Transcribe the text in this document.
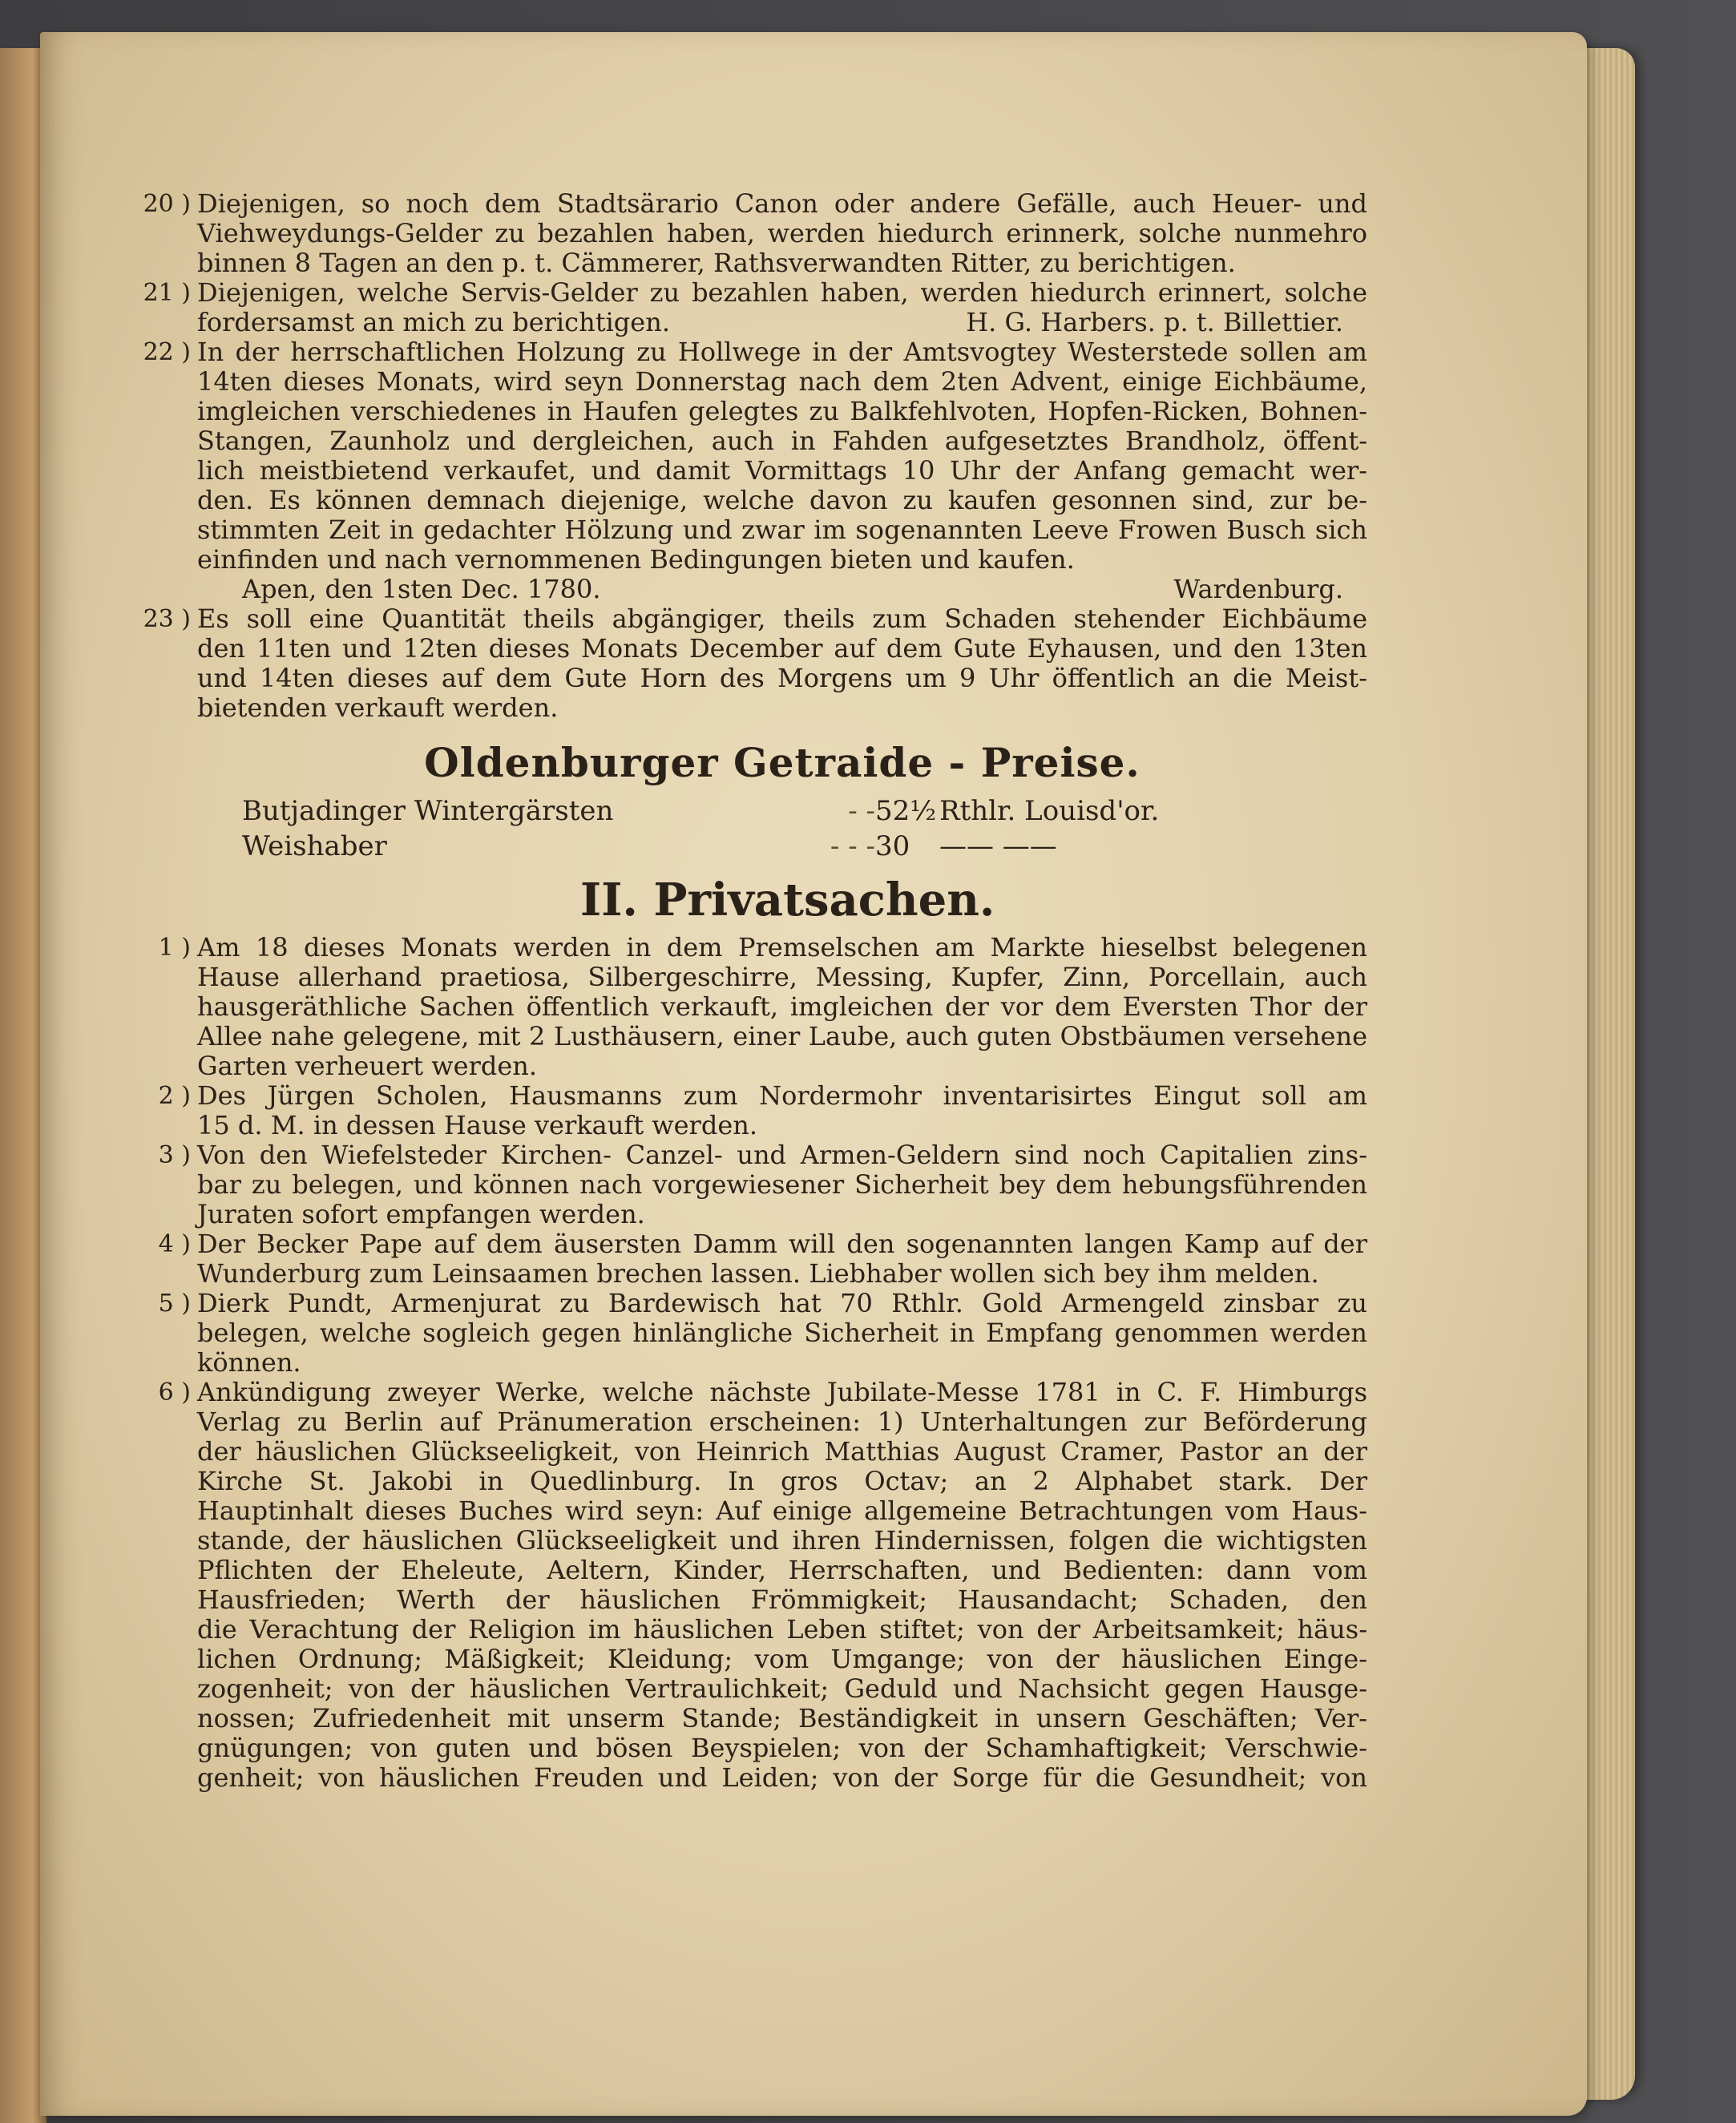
20 ) Diejenigen, so noch dem Stadtsärario Canon oder andere Gefälle, auch Heuer- und
Viehweydungs-Gelder zu bezahlen haben, werden hiedurch erinnerk, solche nunmehro
binnen 8 Tagen an den p. t. Cämmerer, Rathsverwandten Ritter, zu berichtigen.
21 ) Diejenigen, welche Servis-Gelder zu bezahlen haben, werden hiedurch erinnert, solche
fordersamst an mich zu berichtigen.	H. G. Harbers. p. t. Billettier.
22 ) In der herrschaftlichen Holzung zu Hollwege in der Amtsvogtey Westerstede sollen am
14ten dieses Monats, wird seyn Donnerstag nach dem 2ten Advent, einige Eichbäume,
imgleichen verschiedenes in Haufen gelegtes zu Balkfehlvoten, Hopfen-Ricken, Bohnen-
Stangen, Zaunholz und dergleichen, auch in Fahden aufgesetztes Brandholz, öffent-
lich meistbietend verkaufet, und damit Vormittags 10 Uhr der Anfang gemacht wer-
den. Es können demnach diejenige, welche davon zu kaufen gesonnen sind, zur be-
stimmten Zeit in gedachter Hölzung und zwar im sogenannten Leeve Frowen Busch sich
einfinden und nach vernommenen Bedingungen bieten und kaufen.
Apen, den 1sten Dec. 1780.	Wardenburg.
23 ) Es soll eine Quantität theils abgängiger, theils zum Schaden stehender Eichbäume
den 11ten und 12ten dieses Monats December auf dem Gute Eyhausen, und den 13ten
und 14ten dieses auf dem Gute Horn des Morgens um 9 Uhr öffentlich an die Meist-
bietenden verkauft werden.
Oldenburger Getraide - Preise.
Butjadinger Wintergärsten	- - 52½ Rthlr. Louisd'or.
Weishaber	- - - 30	—— ——
II. Privatsachen.
1 ) Am 18 dieses Monats werden in dem Premselschen am Markte hieselbst belegenen
Hause allerhand praetiosa, Silbergeschirre, Messing, Kupfer, Zinn, Porcellain, auch
hausgeräthliche Sachen öffentlich verkauft, imgleichen der vor dem Eversten Thor der
Allee nahe gelegene, mit 2 Lusthäusern, einer Laube, auch guten Obstbäumen versehene
Garten verheuert werden.
2 ) Des Jürgen Scholen, Hausmanns zum Nordermohr inventarisirtes Eingut soll am
15 d. M. in dessen Hause verkauft werden.
3 ) Von den Wiefelsteder Kirchen- Canzel- und Armen-Geldern sind noch Capitalien zins-
bar zu belegen, und können nach vorgewiesener Sicherheit bey dem hebungsführenden
Juraten sofort empfangen werden.
4 ) Der Becker Pape auf dem äusersten Damm will den sogenannten langen Kamp auf der
Wunderburg zum Leinsaamen brechen lassen. Liebhaber wollen sich bey ihm melden.
5 ) Dierk Pundt, Armenjurat zu Bardewisch hat 70 Rthlr. Gold Armengeld zinsbar zu
belegen, welche sogleich gegen hinlängliche Sicherheit in Empfang genommen werden
können.
6 ) Ankündigung zweyer Werke, welche nächste Jubilate-Messe 1781 in C. F. Himburgs
Verlag zu Berlin auf Pränumeration erscheinen: 1) Unterhaltungen zur Beförderung
der häuslichen Glückseeligkeit, von Heinrich Matthias August Cramer, Pastor an der
Kirche St. Jakobi in Quedlinburg. In gros Octav; an 2 Alphabet stark. Der
Hauptinhalt dieses Buches wird seyn: Auf einige allgemeine Betrachtungen vom Haus-
stande, der häuslichen Glückseeligkeit und ihren Hindernissen, folgen die wichtigsten
Pflichten der Eheleute, Aeltern, Kinder, Herrschaften, und Bedienten: dann vom
Hausfrieden; Werth der häuslichen Frömmigkeit; Hausandacht; Schaden, den
die Verachtung der Religion im häuslichen Leben stiftet; von der Arbeitsamkeit; häus-
lichen Ordnung; Mäßigkeit; Kleidung; vom Umgange; von der häuslichen Einge-
zogenheit; von der häuslichen Vertraulichkeit; Geduld und Nachsicht gegen Hausge-
nossen; Zufriedenheit mit unserm Stande; Beständigkeit in unsern Geschäften; Ver-
gnügungen; von guten und bösen Beyspielen; von der Schamhaftigkeit; Verschwie-
genheit; von häuslichen Freuden und Leiden; von der Sorge für die Gesundheit; von
